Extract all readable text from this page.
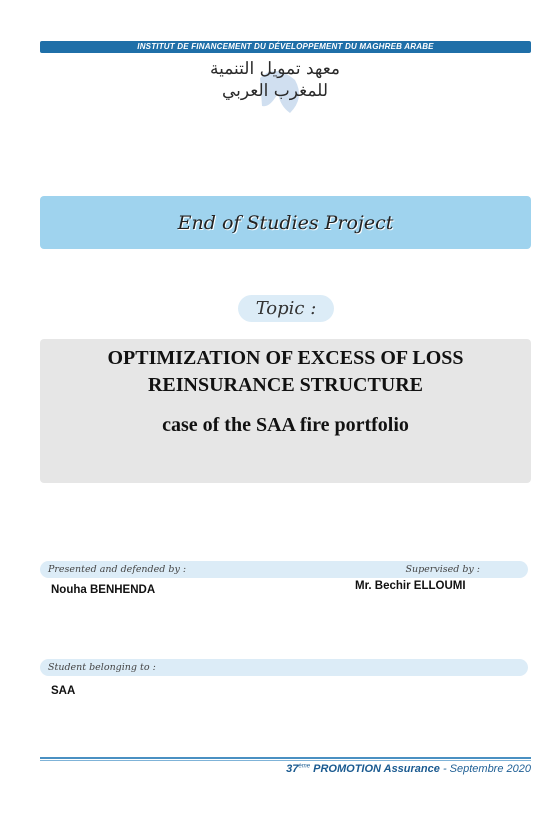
INSTITUT DE FINANCEMENT DU DÉVELOPPEMENT DU MAGHREB ARABE
معهد تمويل التنمية
للمغرب العربي
End of Studies Project
Topic :
OPTIMIZATION OF EXCESS OF LOSS
REINSURANCE STRUCTURE
case of the SAA fire portfolio
Presented and defended by :	Supervised by :
Nouha BENHENDA	Mr. Bechir ELLOUMI
Student belonging to :
SAA
37ème PROMOTION Assurance - Septembre 2020
